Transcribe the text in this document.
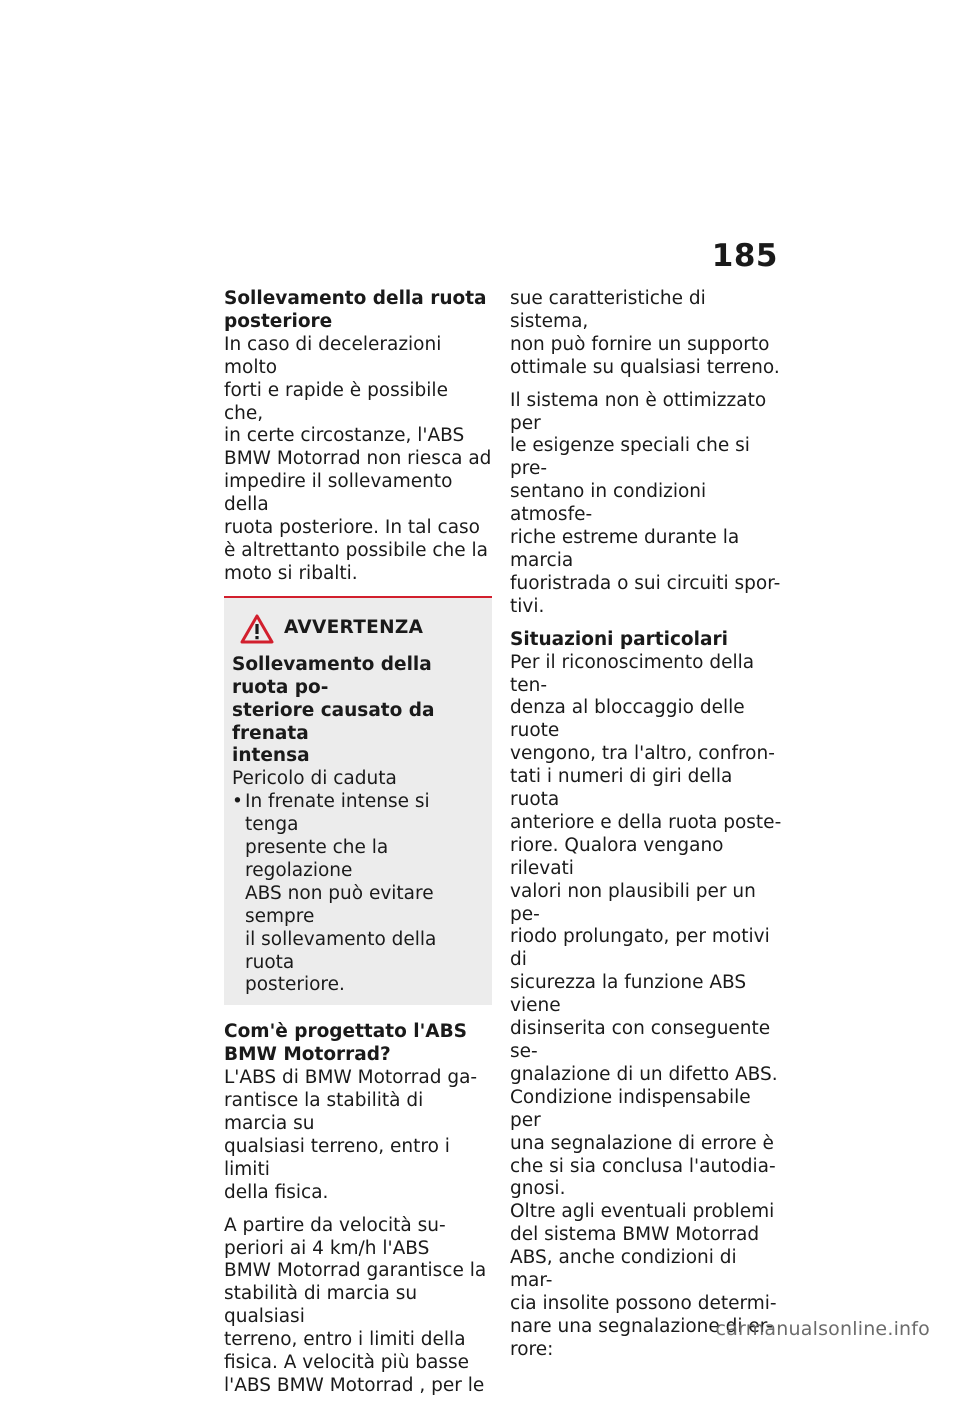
185

Sollevamento della ruota
posteriore

In caso di decelerazioni molto
forti e rapide è possibile che,
in certe circostanze, l'ABS
BMW Motorrad non riesca ad
impedire il sollevamento della
ruota posteriore. In tal caso
è altrettanto possibile che la
moto si ribalti.

AVVERTENZA

Sollevamento della ruota po-
steriore causato da frenata
intensa

Pericolo di caduta

• In frenate intense si tenga
presente che la regolazione
ABS non può evitare sempre
il sollevamento della ruota
posteriore.

Com'è progettato l'ABS
BMW Motorrad?

L'ABS di BMW Motorrad ga-
rantisce la stabilità di marcia su
qualsiasi terreno, entro i limiti
della fisica.

A partire da velocità su-
periori ai 4 km/h l'ABS
BMW Motorrad garantisce la
stabilità di marcia su qualsiasi
terreno, entro i limiti della
fisica. A velocità più basse
l'ABS BMW Motorrad , per le

sue caratteristiche di sistema,
non può fornire un supporto
ottimale su qualsiasi terreno.

Il sistema non è ottimizzato per
le esigenze speciali che si pre-
sentano in condizioni atmosfe-
riche estreme durante la marcia
fuoristrada o sui circuiti spor-
tivi.

Situazioni particolari

Per il riconoscimento della ten-
denza al bloccaggio delle ruote
vengono, tra l'altro, confron-
tati i numeri di giri della ruota
anteriore e della ruota poste-
riore. Qualora vengano rilevati
valori non plausibili per un pe-
riodo prolungato, per motivi di
sicurezza la funzione ABS viene
disinserita con conseguente se-
gnalazione di un difetto ABS.
Condizione indispensabile per
una segnalazione di errore è
che si sia conclusa l'autodia-
gnosi.

Oltre agli eventuali problemi
del sistema BMW Motorrad
ABS, anche condizioni di mar-
cia insolite possono determi-
nare una segnalazione di er-
rore:

carmanualsonline.info
